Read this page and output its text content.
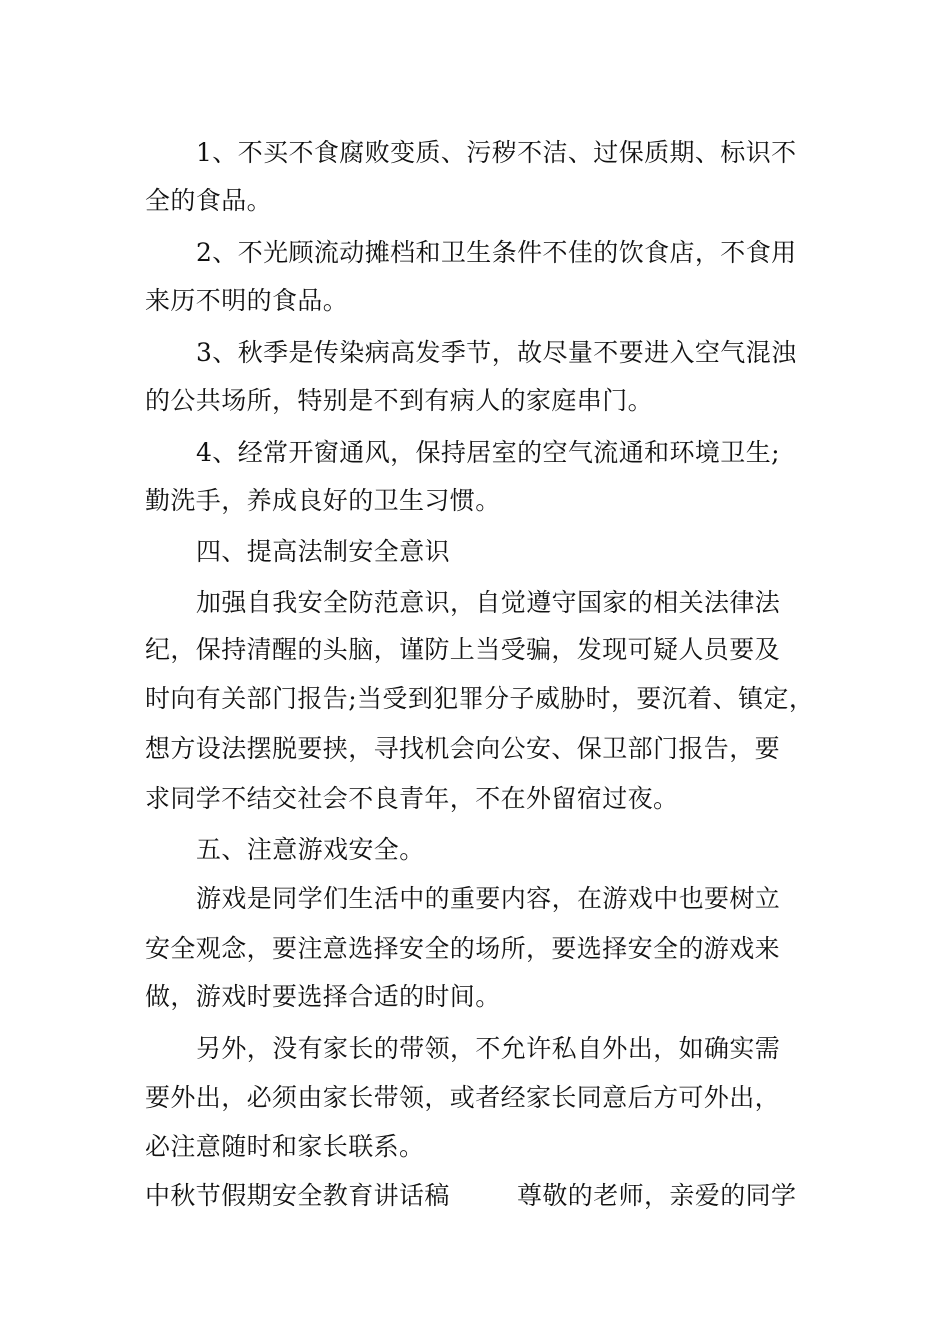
1、不买不食腐败变质、污秽不洁、过保质期、标识不
全的食品。
2、不光顾流动摊档和卫生条件不佳的饮食店，不食用
来历不明的食品。
3、秋季是传染病高发季节，故尽量不要进入空气混浊
的公共场所，特别是不到有病人的家庭串门。
4、经常开窗通风，保持居室的空气流通和环境卫生;
勤洗手，养成良好的卫生习惯。
四、提高法制安全意识
加强自我安全防范意识，自觉遵守国家的相关法律法
纪，保持清醒的头脑，谨防上当受骗，发现可疑人员要及
时向有关部门报告;当受到犯罪分子威胁时，要沉着、镇定，
想方设法摆脱要挟，寻找机会向公安、保卫部门报告，要
求同学不结交社会不良青年，不在外留宿过夜。
五、注意游戏安全。
游戏是同学们生活中的重要内容，在游戏中也要树立
安全观念，要注意选择安全的场所，要选择安全的游戏来
做，游戏时要选择合适的时间。
另外，没有家长的带领，不允许私自外出，如确实需
要外出，必须由家长带领，或者经家长同意后方可外出，
必注意随时和家长联系。
中秋节假期安全教育讲话稿	尊敬的老师，亲爱的同学
